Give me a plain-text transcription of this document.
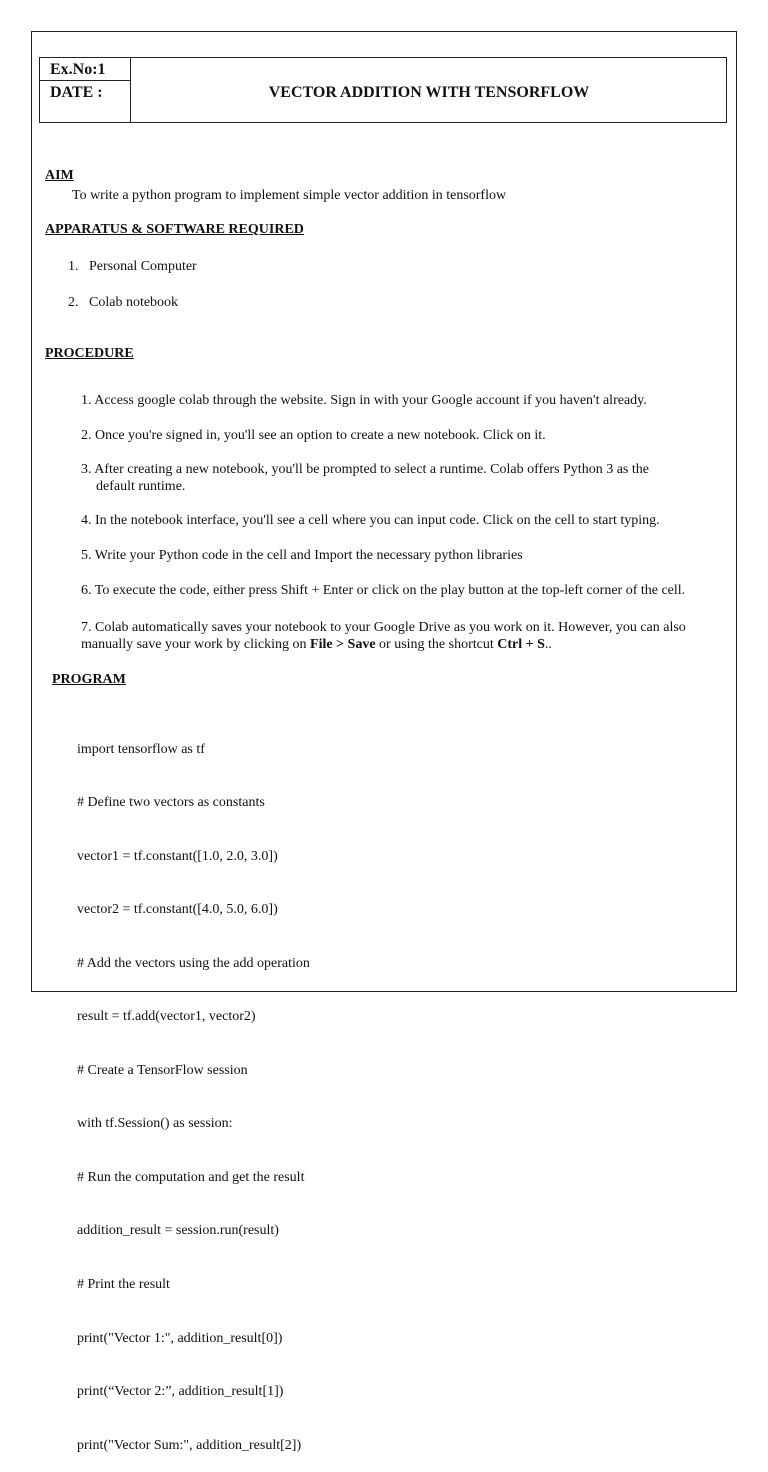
Ex.No:1
DATE :	VECTOR ADDITION WITH TENSORFLOW
AIM
To write a python program to implement simple vector addition in tensorflow
APPARATUS & SOFTWARE REQUIRED
1. Personal Computer
2. Colab notebook
PROCEDURE
1. Access google colab through the website. Sign in with your Google account if you haven't already.
2. Once you're signed in, you'll see an option to create a new notebook. Click on it.
3. After creating a new notebook, you'll be prompted to select a runtime. Colab offers Python 3 as the
default runtime.
4. In the notebook interface, you'll see a cell where you can input code. Click on the cell to start typing.
5. Write your Python code in the cell and Import the necessary python libraries
6. To execute the code, either press Shift + Enter or click on the play button at the top-left corner of the cell.
7. Colab automatically saves your notebook to your Google Drive as you work on it. However, you can also
manually save your work by clicking on File > Save or using the shortcut Ctrl + S..
PROGRAM

import tensorflow as tf

# Define two vectors as constants

vector1 = tf.constant([1.0, 2.0, 3.0])

vector2 = tf.constant([4.0, 5.0, 6.0])

# Add the vectors using the add operation

result = tf.add(vector1, vector2)

# Create a TensorFlow session

with tf.Session() as session:

# Run the computation and get the result

addition_result = session.run(result)

# Print the result

print("Vector 1:", addition_result[0])

print(“Vector 2:”, addition_result[1])

print("Vector Sum:", addition_result[2])
